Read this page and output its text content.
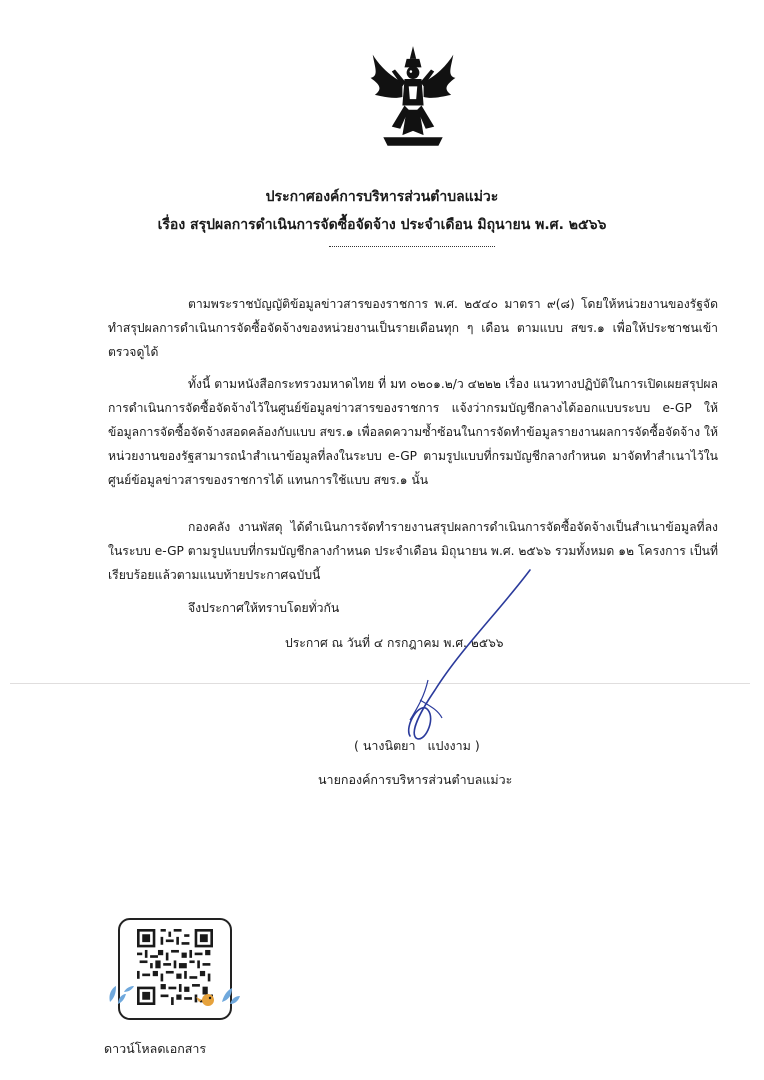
ประกาศองค์การบริหารส่วนตำบลแม่วะ
เรื่อง สรุปผลการดำเนินการจัดซื้อจัดจ้าง ประจำเดือน มิถุนายน พ.ศ. ๒๕๖๖

ตามพระราชบัญญัติข้อมูลข่าวสารของราชการ พ.ศ. ๒๕๔๐ มาตรา ๙(๘) โดยให้หน่วยงานของรัฐจัดทำสรุปผลการดำเนินการจัดซื้อจัดจ้างของหน่วยงานเป็นรายเดือนทุก ๆ เดือน ตามแบบ สขร.๑ เพื่อให้ประชาชนเข้าตรวจดูได้

ทั้งนี้ ตามหนังสือกระทรวงมหาดไทย ที่ มท ๐๒๐๑.๒/ว ๔๒๒๒ เรื่อง แนวทางปฏิบัติในการเปิดเผยสรุปผลการดำเนินการจัดซื้อจัดจ้างไว้ในศูนย์ข้อมูลข่าวสารของราชการ แจ้งว่ากรมบัญชีกลางได้ออกแบบระบบ e-GP ให้ข้อมูลการจัดซื้อจัดจ้างสอดคล้องกับแบบ สขร.๑ เพื่อลดความซ้ำซ้อนในการจัดทำข้อมูลรายงานผลการจัดซื้อจัดจ้าง ให้หน่วยงานของรัฐสามารถนำสำเนาข้อมูลที่ลงในระบบ e-GP ตามรูปแบบที่กรมบัญชีกลางกำหนด มาจัดทำสำเนาไว้ในศูนย์ข้อมูลข่าวสารของราชการได้ แทนการใช้แบบ สขร.๑ นั้น

กองคลัง งานพัสดุ ได้ดำเนินการจัดทำรายงานสรุปผลการดำเนินการจัดซื้อจัดจ้างเป็นสำเนาข้อมูลที่ลงในระบบ e-GP ตามรูปแบบที่กรมบัญชีกลางกำหนด ประจำเดือน มิถุนายน พ.ศ. ๒๕๖๖ รวมทั้งหมด ๑๒ โครงการ เป็นที่เรียบร้อยแล้วตามแนบท้ายประกาศฉบับนี้

จึงประกาศให้ทราบโดยทั่วกัน

ประกาศ ณ วันที่ ๔ กรกฎาคม พ.ศ. ๒๕๖๖

( นางนิตยา   แปงงาม )
นายกองค์การบริหารส่วนตำบลแม่วะ
ดาวน์โหลดเอกสาร
